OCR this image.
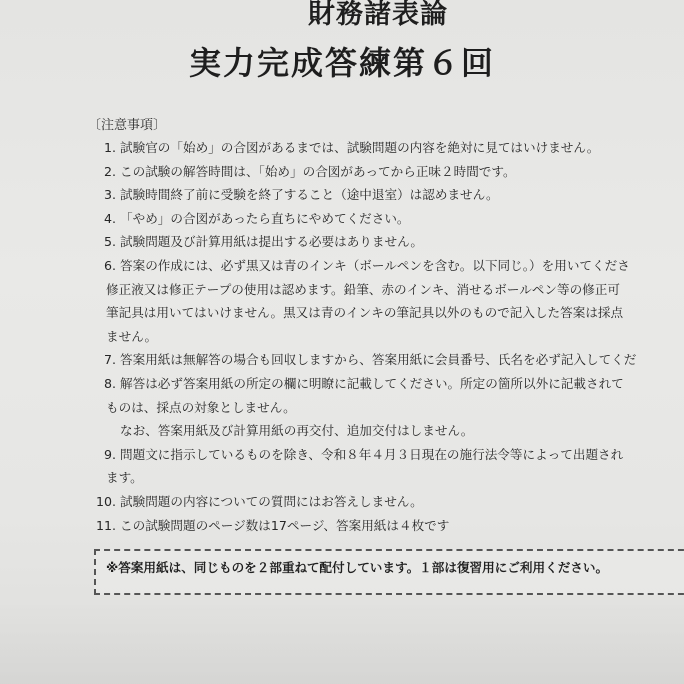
財務諸表論
実力完成答練第６回
〔注意事項〕
1. 試験官の「始め」の合図があるまでは、試験問題の内容を絶対に見てはいけません。
2. この試験の解答時間は、「始め」の合図があってから正味２時間です。
3. 試験時間終了前に受験を終了すること（途中退室）は認めません。
4. 「やめ」の合図があったら直ちにやめてください。
5. 試験問題及び計算用紙は提出する必要はありません。
6. 答案の作成には、必ず黒又は青のインキ（ボールペンを含む。以下同じ。）を用いてくださ
修正液又は修正テープの使用は認めます。鉛筆、赤のインキ、消せるボールペン等の修正可
筆記具は用いてはいけません。黒又は青のインキの筆記具以外のもので記入した答案は採点
ません。
7. 答案用紙は無解答の場合も回収しますから、答案用紙に会員番号、氏名を必ず記入してくだ
8. 解答は必ず答案用紙の所定の欄に明瞭に記載してください。所定の箇所以外に記載されて
ものは、採点の対象としません。
なお、答案用紙及び計算用紙の再交付、追加交付はしません。
9. 問題文に指示しているものを除き、令和８年４月３日現在の施行法令等によって出題され
ます。
10. 試験問題の内容についての質問にはお答えしません。
11. この試験問題のページ数は17ページ、答案用紙は４枚です
※答案用紙は、同じものを２部重ねて配付しています。１部は復習用にご利用ください。
